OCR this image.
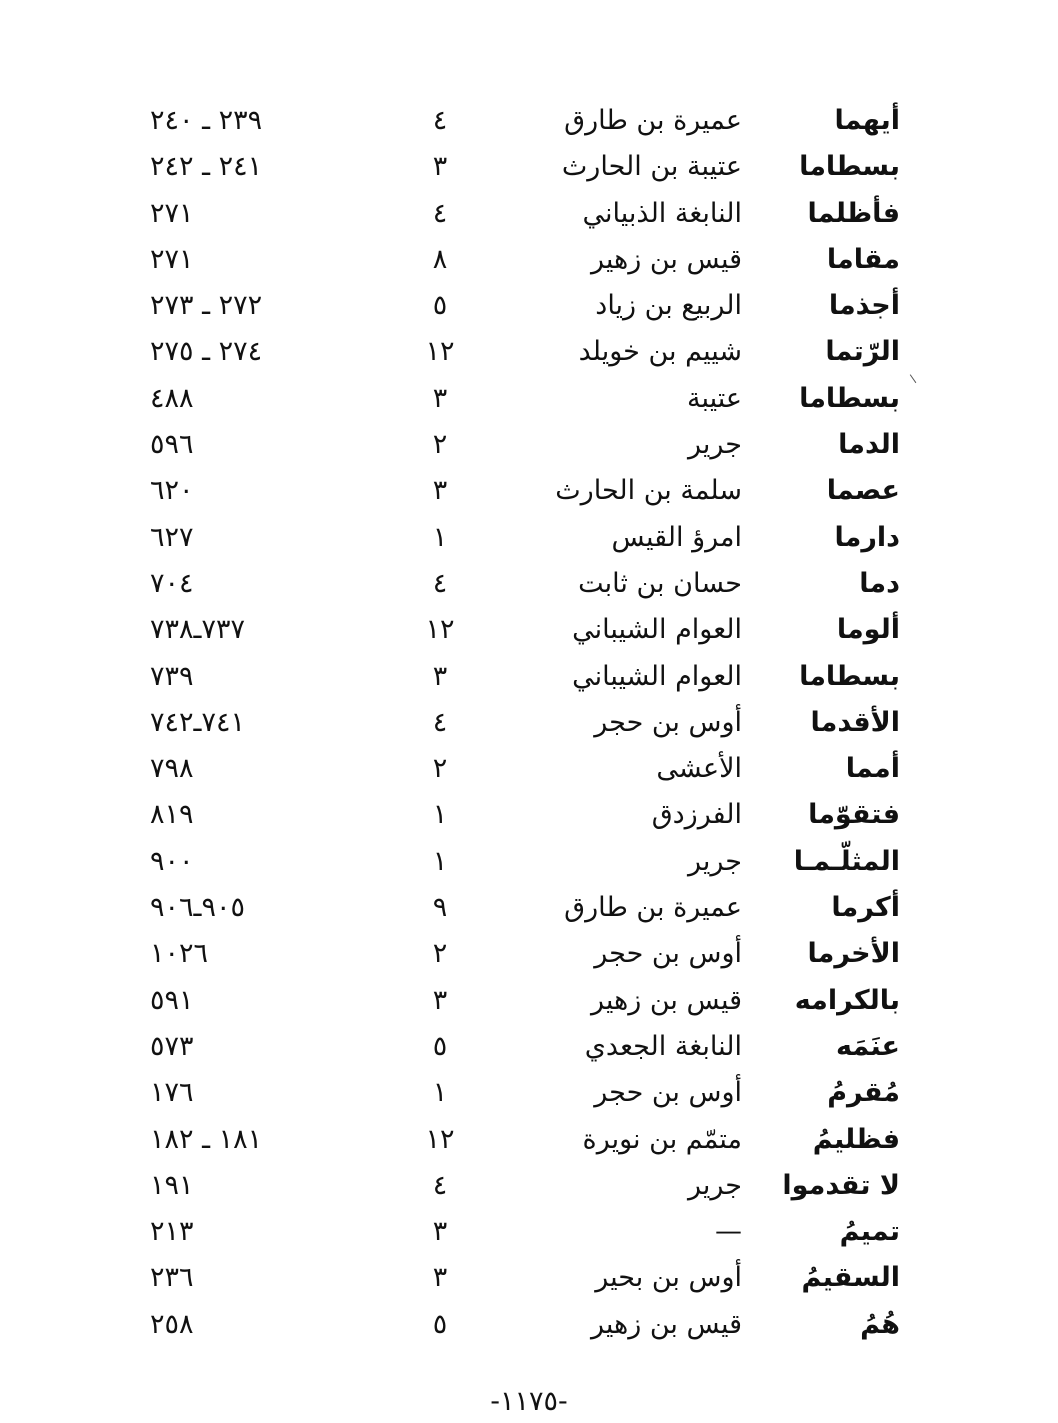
أيهما
عميرة بن طارق
٤
٢٣٩ ـ ٢٤٠
بسطاما
عتيبة بن الحارث
٣
٢٤١ ـ ٢٤٢
فأظلما
النابغة الذبياني
٤
٢٧١
مقاما
قيس بن زهير
٨
٢٧١
أجذما
الربيع بن زياد
٥
٢٧٢ ـ ٢٧٣
الرّتما
شييم بن خويلد
١٢
٢٧٤ ـ ٢٧٥
بسطاما
عتيبة
٣
٤٨٨
الدما
جرير
٢
٥٩٦
عصما
سلمة بن الحارث
٣
٦٢٠
دارما
امرؤ القيس
١
٦٢٧
دما
حسان بن ثابت
٤
٧٠٤
ألوما
العوام الشيباني
١٢
٧٣٧ـ٧٣٨
بسطاما
العوام الشيباني
٣
٧٣٩
الأقدما
أوس بن حجر
٤
٧٤١ـ٧٤٢
أمما
الأعشى
٢
٧٩٨
فتقوّما
الفرزدق
١
٨١٩
المثلّـمـا
جرير
١
٩٠٠
أكرما
عميرة بن طارق
٩
٩٠٥ـ٩٠٦
الأخرما
أوس بن حجر
٢
١٠٢٦
بالكرامه
قيس بن زهير
٣
٥٩١
عنَمَه
النابغة الجعدي
٥
٥٧٣
مُقرمُ
أوس بن حجر
١
١٧٦
فظليمُ
متمّم بن نويرة
١٢
١٨١ ـ ١٨٢
لا تقدموا
جرير
٤
١٩١
تميمُ
—
٣
٢١٣
السقيمُ
أوس بن بحير
٣
٢٣٦
هُمُ
قيس بن زهير
٥
٢٥٨
-١١٧٥-
